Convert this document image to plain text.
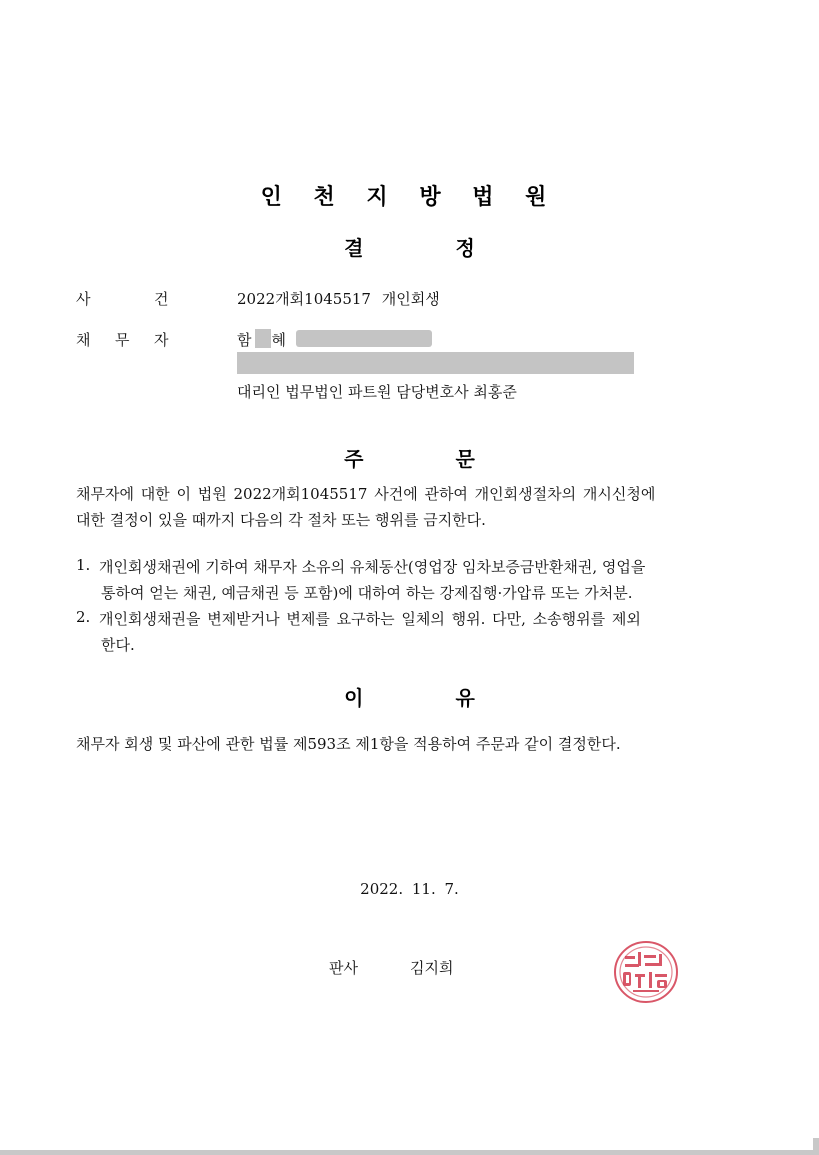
인 천 지 방 법 원
결	정
사	건	2022개회1045517 개인회생
채 무 자	함 혜
대리인 법무법인 파트원 담당변호사 최홍준
주	문
채무자에 대한 이 법원 2022개회1045517 사건에 관하여 개인회생절차의 개시신청에
대한 결정이 있을 때까지 다음의 각 절차 또는 행위를 금지한다.
1. 개인회생채권에 기하여 채무자 소유의 유체동산(영업장 임차보증금반환채권, 영업을
통하여 얻는 채권, 예금채권 등 포함)에 대하여 하는 강제집행·가압류 또는 가처분.
2. 개인회생채권을 변제받거나 변제를 요구하는 일체의 행위. 다만, 소송행위를 제외
한다.
이	유
채무자 회생 및 파산에 관한 법률 제593조 제1항을 적용하여 주문과 같이 결정한다.
2022. 11. 7.
판사	김지희
